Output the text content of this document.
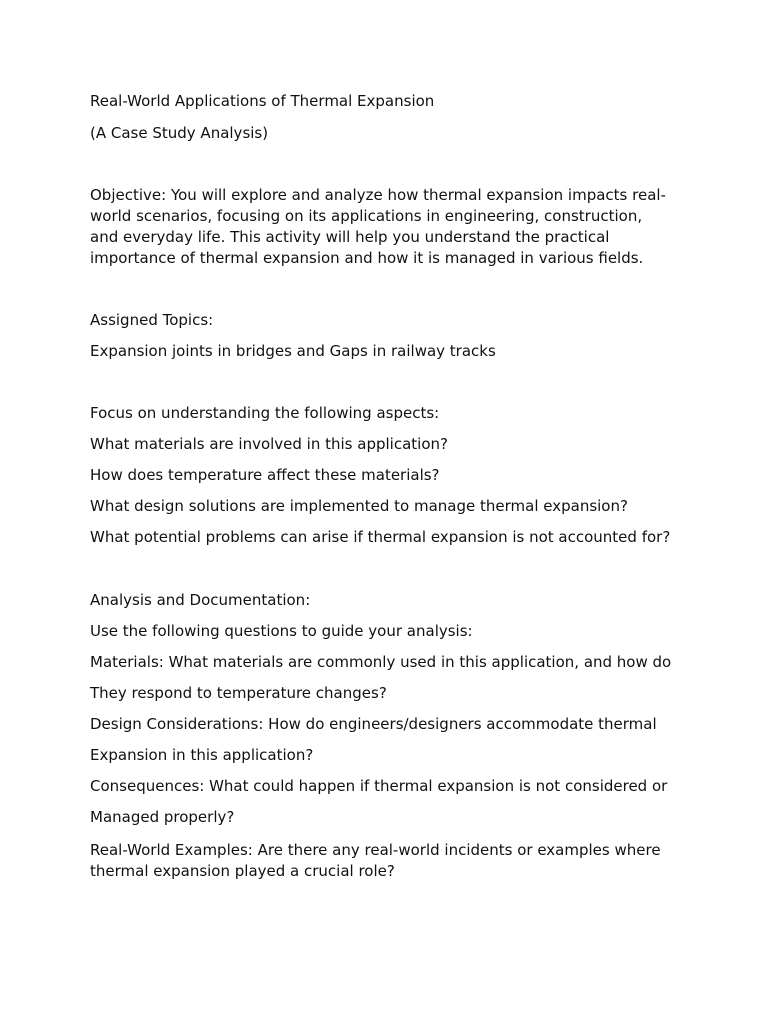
Real-World Applications of Thermal Expansion
(A Case Study Analysis)
Objective: You will explore and analyze how thermal expansion impacts real-
world scenarios, focusing on its applications in engineering, construction,
and everyday life. This activity will help you understand the practical
importance of thermal expansion and how it is managed in various fields.
Assigned Topics:
Expansion joints in bridges and Gaps in railway tracks
Focus on understanding the following aspects:
What materials are involved in this application?
How does temperature affect these materials?
What design solutions are implemented to manage thermal expansion?
What potential problems can arise if thermal expansion is not accounted for?
Analysis and Documentation:
Use the following questions to guide your analysis:
Materials: What materials are commonly used in this application, and how do
They respond to temperature changes?
Design Considerations: How do engineers/designers accommodate thermal
Expansion in this application?
Consequences: What could happen if thermal expansion is not considered or
Managed properly?
Real-World Examples: Are there any real-world incidents or examples where
thermal expansion played a crucial role?
